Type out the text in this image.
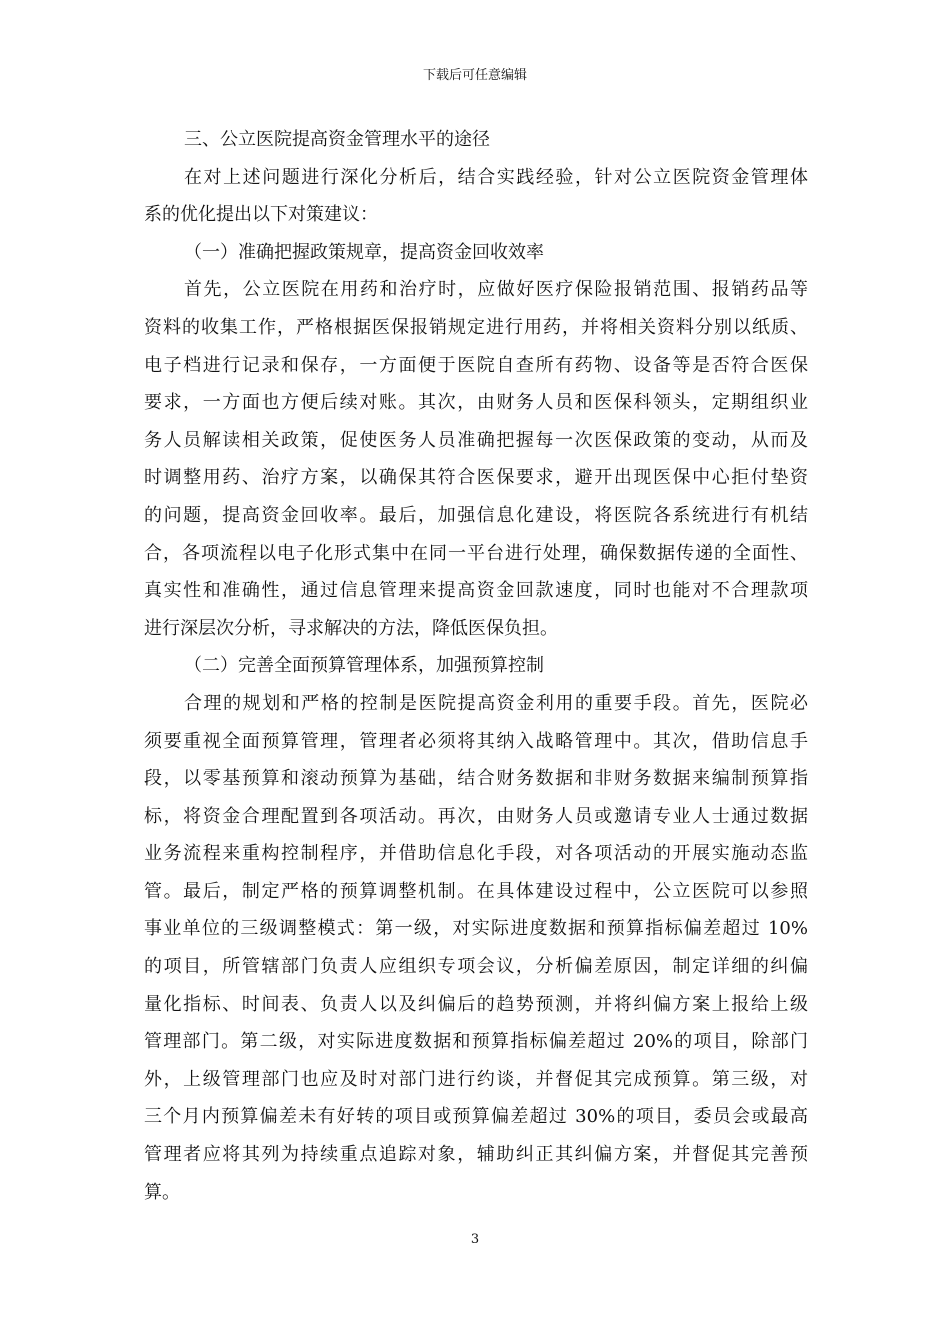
下载后可任意编辑
三、公立医院提高资金管理水平的途径
在对上述问题进行深化分析后，结合实践经验，针对公立医院资金管理体
系的优化提出以下对策建议：
（一）准确把握政策规章，提高资金回收效率
首先，公立医院在用药和治疗时，应做好医疗保险报销范围、报销药品等
资料的收集工作，严格根据医保报销规定进行用药，并将相关资料分别以纸质、
电子档进行记录和保存，一方面便于医院自查所有药物、设备等是否符合医保
要求，一方面也方便后续对账。其次，由财务人员和医保科领头，定期组织业
务人员解读相关政策，促使医务人员准确把握每一次医保政策的变动，从而及
时调整用药、治疗方案，以确保其符合医保要求，避开出现医保中心拒付垫资
的问题，提高资金回收率。最后，加强信息化建设，将医院各系统进行有机结
合，各项流程以电子化形式集中在同一平台进行处理，确保数据传递的全面性、
真实性和准确性，通过信息管理来提高资金回款速度，同时也能对不合理款项
进行深层次分析，寻求解决的方法，降低医保负担。
（二）完善全面预算管理体系，加强预算控制
合理的规划和严格的控制是医院提高资金利用的重要手段。首先，医院必
须要重视全面预算管理，管理者必须将其纳入战略管理中。其次，借助信息手
段，以零基预算和滚动预算为基础，结合财务数据和非财务数据来编制预算指
标，将资金合理配置到各项活动。再次，由财务人员或邀请专业人士通过数据
业务流程来重构控制程序，并借助信息化手段，对各项活动的开展实施动态监
管。最后，制定严格的预算调整机制。在具体建设过程中，公立医院可以参照
事业单位的三级调整模式：第一级，对实际进度数据和预算指标偏差超过 10%
的项目，所管辖部门负责人应组织专项会议，分析偏差原因，制定详细的纠偏
量化指标、时间表、负责人以及纠偏后的趋势预测，并将纠偏方案上报给上级
管理部门。第二级，对实际进度数据和预算指标偏差超过 20%的项目，除部门
外，上级管理部门也应及时对部门进行约谈，并督促其完成预算。第三级，对
三个月内预算偏差未有好转的项目或预算偏差超过 30%的项目，委员会或最高
管理者应将其列为持续重点追踪对象，辅助纠正其纠偏方案，并督促其完善预
算。
3
